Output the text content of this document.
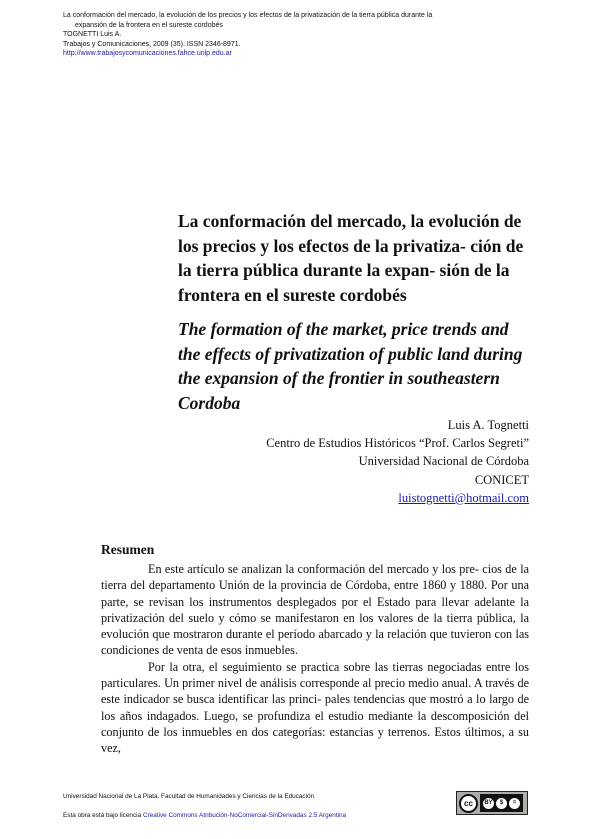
La conformación del mercado, la evolución de los precios y los efectos de la privatización de la tierra pública durante la
expansión de la frontera en el sureste cordobés
TOGNETTI Luis A.
Trabajos y Comunicaciones, 2009 (35). ISSN 2346-8971.
http://www.trabajosycomunicaciones.fahce.unlp.edu.ar
La conformación del mercado, la evolución de los precios y los efectos de la privatiza- ción de la tierra pública durante la expan- sión de la frontera en el sureste cordobés
The formation of the market, price trends and the effects of privatization of public land during the expansion of the frontier in southeastern Cordoba
Luis A. Tognetti
Centro de Estudios Históricos “Prof. Carlos Segreti”
Universidad Nacional de Córdoba
CONICET
luistognetti@hotmail.com
Resumen

En este artículo se analizan la conformación del mercado y los pre- cios de la tierra del departamento Unión de la provincia de Córdoba, entre 1860 y 1880. Por una parte, se revisan los instrumentos desplegados por el Estado para llevar adelante la privatización del suelo y cómo se manifestaron en los valores de la tierra pública, la evolución que mostraron durante el período abarcado y la relación que tuvieron con las condiciones de venta de esos inmuebles.

Por la otra, el seguimiento se practica sobre las tierras negociadas entre los particulares. Un primer nivel de análisis corresponde al precio medio anual. A través de este indicador se busca identificar las princi- pales tendencias que mostró a lo largo de los años indagados. Luego, se profundiza el estudio mediante la descomposición del conjunto de los inmuebles en dos categorías: estancias y terrenos. Estos últimos, a su vez,

Universidad Nacional de La Plata. Facultad de Humanidades y Ciencias de la Educación
Esta obra está bajo licencia Creative Commons Atribución-NoComercial-SinDerivadas 2.5 Argentina
cc	BY	$	=
